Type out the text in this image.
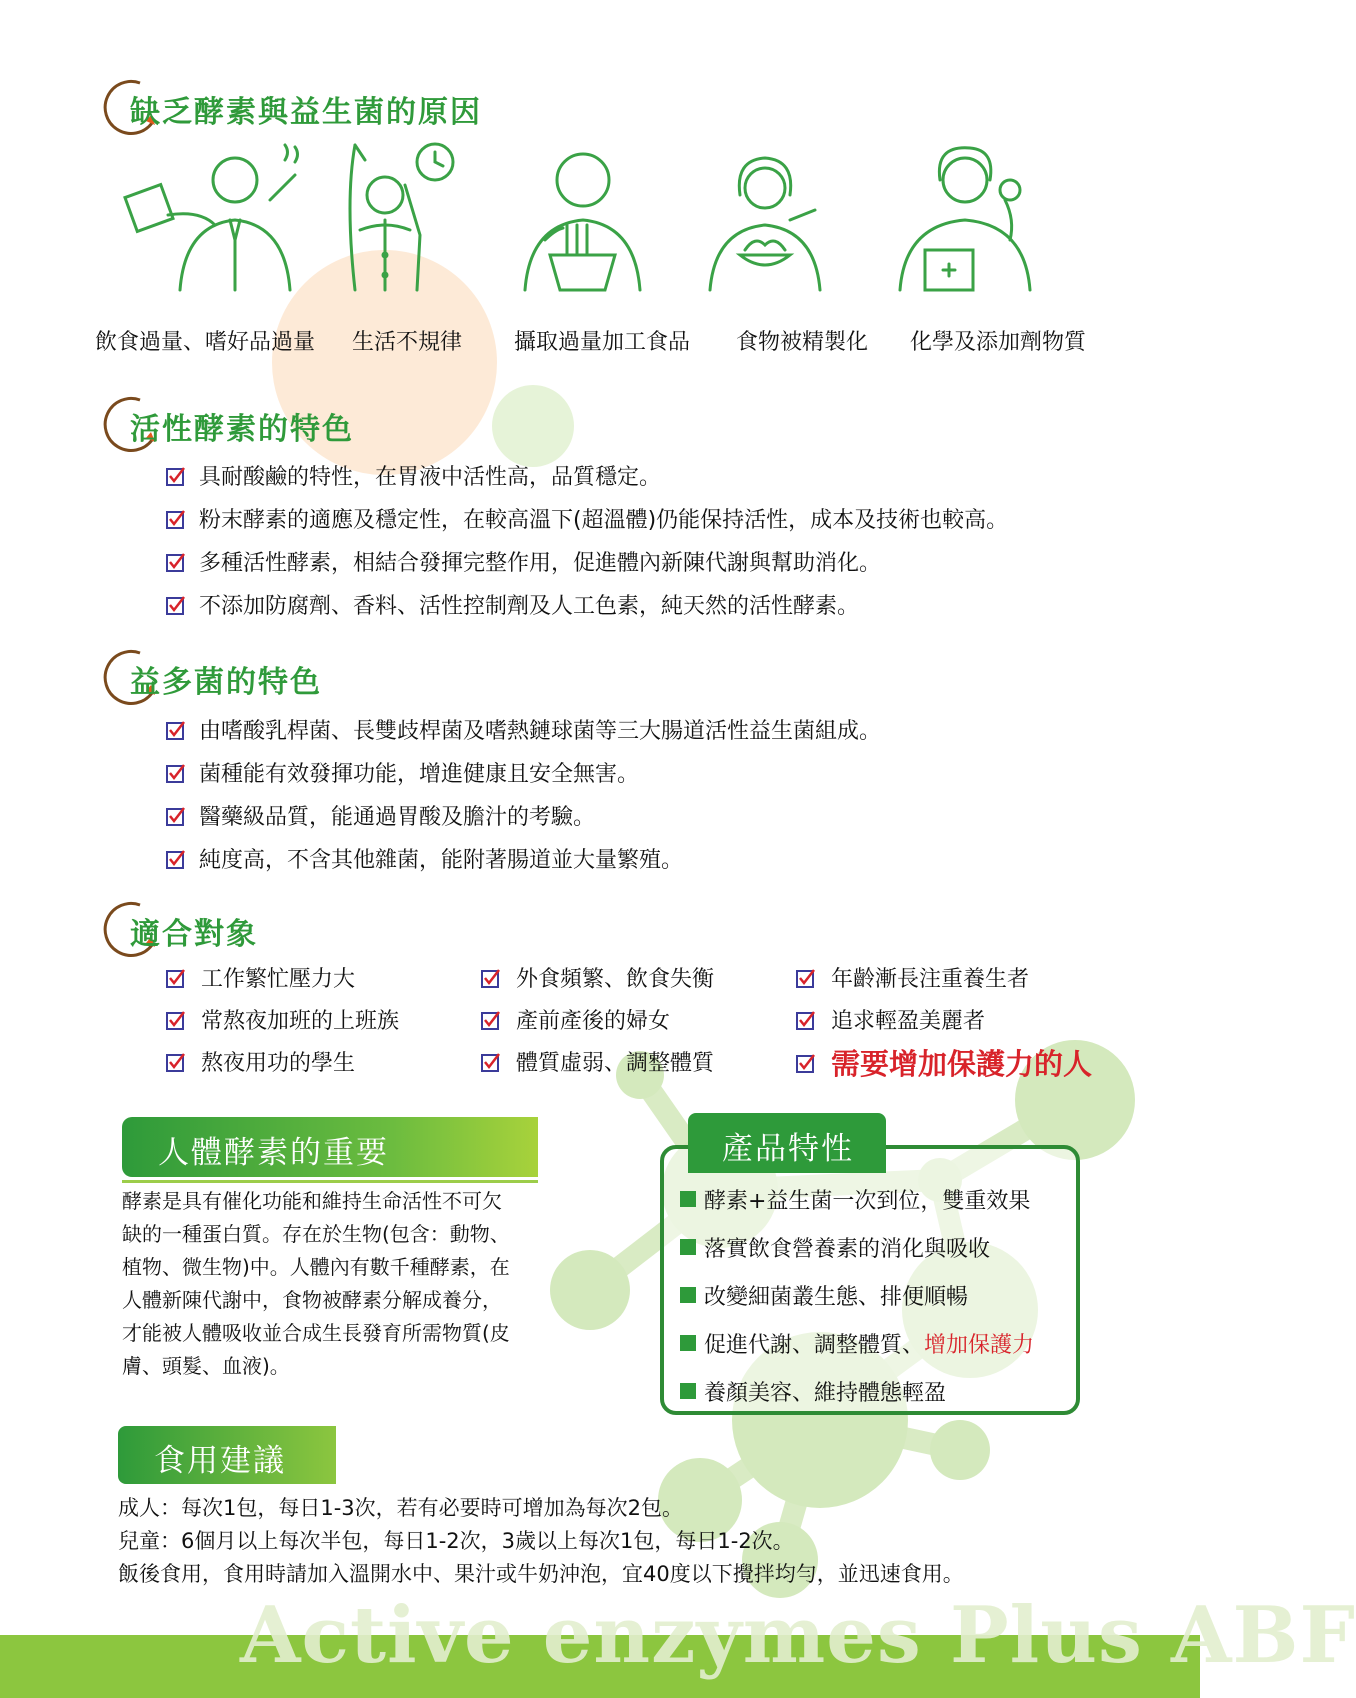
缺乏酵素與益生菌的原因
飲食過量、嗜好品過量 生活不規律 攝取過量加工食品 食物被精製化 化學及添加劑物質
活性酵素的特色
具耐酸鹼的特性，在胃液中活性高，品質穩定。
粉末酵素的適應及穩定性，在較高溫下(超溫體)仍能保持活性，成本及技術也較高。
多種活性酵素，相結合發揮完整作用，促進體內新陳代謝與幫助消化。
不添加防腐劑、香料、活性控制劑及人工色素，純天然的活性酵素。
益多菌的特色
由嗜酸乳桿菌、長雙歧桿菌及嗜熱鏈球菌等三大腸道活性益生菌組成。
菌種能有效發揮功能，增進健康且安全無害。
醫藥級品質，能通過胃酸及膽汁的考驗。
純度高，不含其他雜菌，能附著腸道並大量繁殖。
適合對象
工作繁忙壓力大
常熬夜加班的上班族
熬夜用功的學生
外食頻繁、飲食失衡
產前產後的婦女
體質虛弱、調整體質
年齡漸長注重養生者
追求輕盈美麗者
需要增加保護力的人
人體酵素的重要
酵素是具有催化功能和維持生命活性不可欠
缺的一種蛋白質。存在於生物(包含：動物、
植物、微生物)中。人體內有數千種酵素，在
人體新陳代謝中，食物被酵素分解成養分，
才能被人體吸收並合成生長發育所需物質(皮
膚、頭髮、血液)。
產品特性
酵素+益生菌一次到位，雙重效果
落實飲食營養素的消化與吸收
改變細菌叢生態、排便順暢
促進代謝、調整體質、 增加保護力
養顏美容、維持體態輕盈
食用建議
成人：每次1包，每日1-3次，若有必要時可增加為每次2包。
兒童：6個月以上每次半包，每日1-2次，3歲以上每次1包，每日1-2次。
飯後食用，食用時請加入溫開水中、果汁或牛奶沖泡，宜40度以下攪拌均勻，並迅速食用。
Active enzymes Plus ABF
